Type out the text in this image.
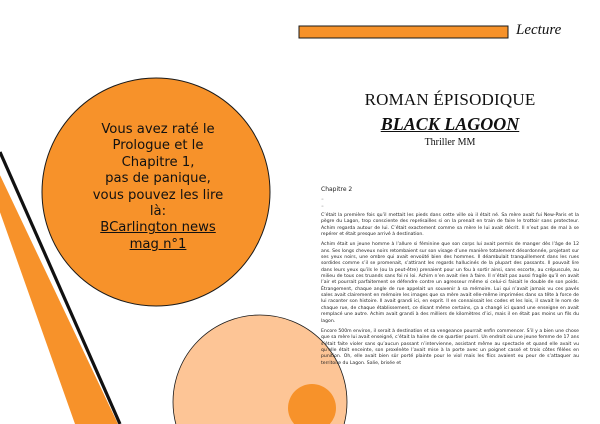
Lecture
Vous avez raté le
Prologue et le
Chapitre 1,
pas de panique,
vous pouvez les lire
là:
BCarlington news
mag n°1
ROMAN ÉPISODIQUE
BLACK LAGOON
Thriller MM
Chapitre 2
◦
◦

C’était la première fois qu’il mettait les pieds dans cette ville où il était né. Sa mère avait fui New-Paris et la pègre du Lagon, trop consciente des représailles si on la prenait en train de faire le trottoir sans protecteur. Achim regarda autour de lui. C’était exactement comme sa mère le lui avait décrit. Il n’eut pas de mal à se repérer et était presque arrivé à destination.

Achim était un jeune homme à l’allure si féminine que son corps lui avait permis de manger dès l’âge de 12 ans. Ses longs cheveux noirs retombaient sur son visage d’une manière totalement désordonnée, projetant sur ses yeux noirs, une ombre qui avait envoûté bien des hommes. Il déambulait tranquillement dans les rues sordides comme s’il se promenait, s’attirant les regards hallucinés de la plupart des passants. Il pouvait lire dans leurs yeux qu’ils le (ou la peut-être) prenaient pour un fou à sortir ainsi, sans escorte, au crépuscule, au milieu de tous ces truands sans foi ni loi. Achim n’en avait rien à faire. Il n’était pas aussi fragile qu’il en avait l’air et pourrait parfaitement se défendre contre un agresseur même si celui-ci faisait le double de son poids. Étrangement, chaque angle de rue appelait un souvenir à sa mémoire. Lui qui n’avait jamais vu ces pavés sales avait clairement en mémoire les images que sa mère avait elle-même imprimées dans sa tête à force de lui raconter son histoire. Il avait grandi ici, en esprit. Il en connaissait les codes et les lois, il savait le nom de chaque rue, de chaque établissement, ce disant même certains, ça a changé ici quand une enseigne en avait remplacé une autre. Achim avait grandi à des milliers de kilomètres d’ici, mais il en était pas moins un fils du lagon.

Encore 500m environ, il serait à destination et sa vengeance pourrait enfin commencer. S’il y a bien une chose que sa mère lui avait enseigné, c’était la haine de ce quartier pourri. Un endroit où une jeune femme de 17 ans s’était faite violer sans qu’aucun passant n’intervienne, assistant même au spectacle et quand elle avait vu qu’elle était enceinte, son proxénète l’avait mise à la porte avec un poignet cassé et trois côtes fêlées en punition. Oh, elle avait bien sûr porté plainte pour le viol mais les flics avaient eu peur de s’attaquer au territoire du Lagon. Salie, brisée et
